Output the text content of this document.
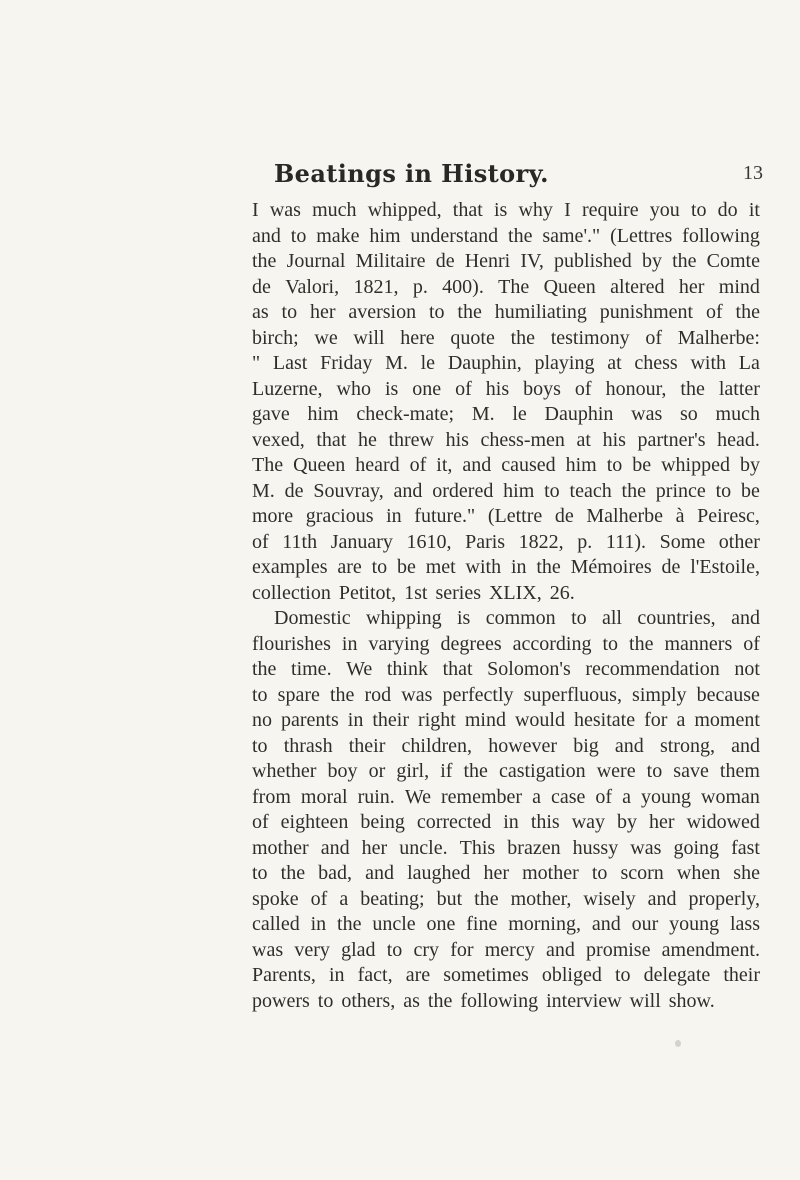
Beatings in History.	13
I was much whipped, that is why I require you to do it
and to make him understand the same'." (Lettres following
the Journal Militaire de Henri IV, published by the Comte
de Valori, 1821, p. 400). The Queen altered her mind
as to her aversion to the humiliating punishment of the
birch; we will here quote the testimony of Malherbe:
" Last Friday M. le Dauphin, playing at chess with La
Luzerne, who is one of his boys of honour, the latter
gave him check-mate; M. le Dauphin was so much
vexed, that he threw his chess-men at his partner's head.
The Queen heard of it, and caused him to be whipped by
M. de Souvray, and ordered him to teach the prince to be
more gracious in future." (Lettre de Malherbe à Peiresc,
of 11th January 1610, Paris 1822, p. 111). Some other
examples are to be met with in the Mémoires de l'Estoile,
collection Petitot, 1st series XLIX, 26.
Domestic whipping is common to all countries, and
flourishes in varying degrees according to the manners of
the time. We think that Solomon's recommendation not
to spare the rod was perfectly superfluous, simply because
no parents in their right mind would hesitate for a moment
to thrash their children, however big and strong, and
whether boy or girl, if the castigation were to save them
from moral ruin. We remember a case of a young woman
of eighteen being corrected in this way by her widowed
mother and her uncle. This brazen hussy was going fast
to the bad, and laughed her mother to scorn when she
spoke of a beating; but the mother, wisely and properly,
called in the uncle one fine morning, and our young lass
was very glad to cry for mercy and promise amendment.
Parents, in fact, are sometimes obliged to delegate their
powers to others, as the following interview will show.
